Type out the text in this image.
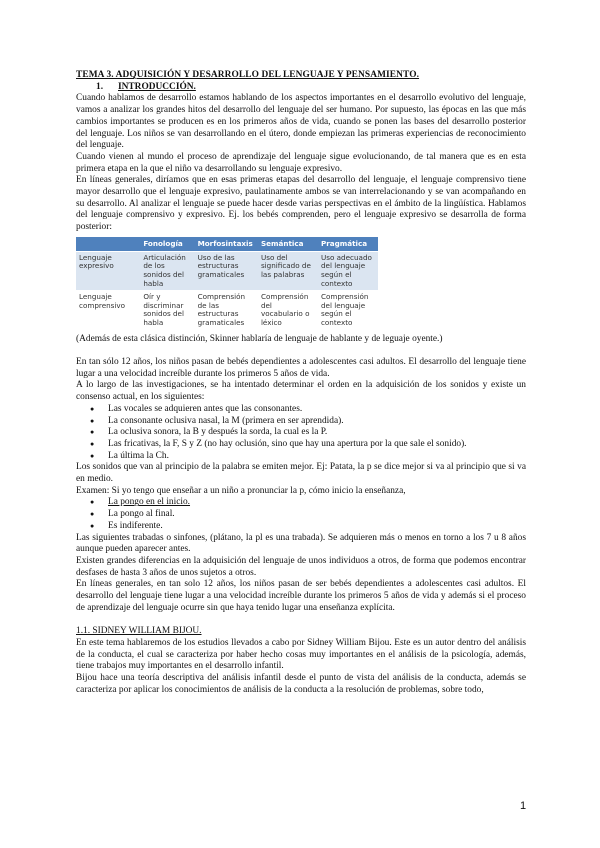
TEMA 3. ADQUISICIÓN Y DESARROLLO DEL LENGUAJE Y PENSAMIENTO.
1. INTRODUCCIÓN.

Cuando hablamos de desarrollo estamos hablando de los aspectos importantes en el desarrollo evolutivo del lenguaje, vamos a analizar los grandes hitos del desarrollo del lenguaje del ser humano. Por supuesto, las épocas en las que más cambios importantes se producen es en los primeros años de vida, cuando se ponen las bases del desarrollo posterior del lenguaje. Los niños se van desarrollando en el útero, donde empiezan las primeras experiencias de reconocimiento del lenguaje.

Cuando vienen al mundo el proceso de aprendizaje del lenguaje sigue evolucionando, de tal manera que es en esta primera etapa en la que el niño va desarrollando su lenguaje expresivo.

En líneas generales, diríamos que en esas primeras etapas del desarrollo del lenguaje, el lenguaje comprensivo tiene mayor desarrollo que el lenguaje expresivo, paulatinamente ambos se van interrelacionando y se van acompañando en su desarrollo. Al analizar el lenguaje se puede hacer desde varias perspectivas en el ámbito de la lingüística. Hablamos del lenguaje comprensivo y expresivo. Ej. los bebés comprenden, pero el lenguaje expresivo se desarrolla de forma posterior:

	Fonología	Morfosintaxis	Semántica	Pragmática
Lenguaje expresivo	Articulación de los sonidos del habla	Uso de las estructuras gramaticales	Uso del significado de las palabras	Uso adecuado del lenguaje según el contexto
Lenguaje comprensivo	Oír y discriminar sonidos del habla	Comprensión de las estructuras gramaticales	Comprensión del vocabulario o léxico	Comprensión del lenguaje según el contexto

(Además de esta clásica distinción, Skinner hablaría de lenguaje de hablante y de leguaje oyente.)

En tan sólo 12 años, los niños pasan de bebés dependientes a adolescentes casi adultos. El desarrollo del lenguaje tiene lugar a una velocidad increíble durante los primeros 5 años de vida.

A lo largo de las investigaciones, se ha intentado determinar el orden en la adquisición de los sonidos y existe un consenso actual, en los siguientes:

● Las vocales se adquieren antes que las consonantes.
● La consonante oclusiva nasal, la M (primera en ser aprendida).
● La oclusiva sonora, la B y después la sorda, la cual es la P.
● Las fricativas, la F, S y Z (no hay oclusión, sino que hay una apertura por la que sale el sonido).
● La última la Ch.

Los sonidos que van al principio de la palabra se emiten mejor. Ej: Patata, la p se dice mejor si va al principio que si va en medio.

Examen: Si yo tengo que enseñar a un niño a pronunciar la p, cómo inicio la enseñanza,

● La pongo en el inicio.
● La pongo al final.
● Es indiferente.

Las siguientes trabadas o sinfones, (plátano, la pl es una trabada). Se adquieren más o menos en torno a los 7 u 8 años aunque pueden aparecer antes.

Existen grandes diferencias en la adquisición del lenguaje de unos individuos a otros, de forma que podemos encontrar desfases de hasta 3 años de unos sujetos a otros.

En líneas generales, en tan solo 12 años, los niños pasan de ser bebés dependientes a adolescentes casi adultos. El desarrollo del lenguaje tiene lugar a una velocidad increíble durante los primeros 5 años de vida y además si el proceso de aprendizaje del lenguaje ocurre sin que haya tenido lugar una enseñanza explícita.

1.1. SIDNEY WILLIAM BIJOU.

En este tema hablaremos de los estudios llevados a cabo por Sidney William Bijou. Este es un autor dentro del análisis de la conducta, el cual se caracteriza por haber hecho cosas muy importantes en el análisis de la psicología, además, tiene trabajos muy importantes en el desarrollo infantil.

Bijou hace una teoría descriptiva del análisis infantil desde el punto de vista del análisis de la conducta, además se caracteriza por aplicar los conocimientos de análisis de la conducta a la resolución de problemas, sobre todo,

1
